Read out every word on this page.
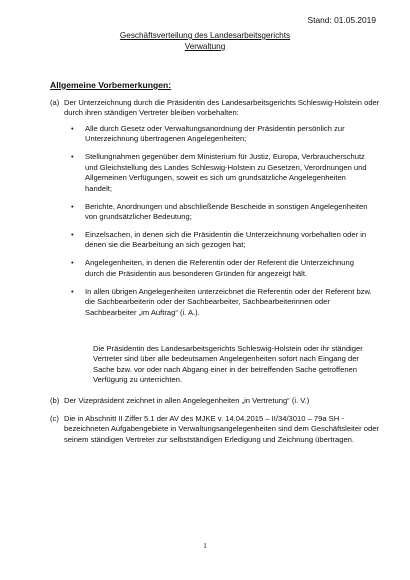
Stand: 01.05.2019
Geschäftsverteilung des Landesarbeitsgerichts
Verwaltung
Allgemeine Vorbemerkungen:
(a) Der Unterzeichnung durch die Präsidentin des Landesarbeitsgerichts Schleswig-Holstein oder durch ihren ständigen Vertreter bleiben vorbehalten:
• Alle durch Gesetz oder Verwaltungsanordnung der Präsidentin persönlich zur Unterzeichnung übertragenen Angelegenheiten;
• Stellungnahmen gegenüber dem Ministerium für Justiz, Europa, Verbraucherschutz und Gleichstellung des Landes Schleswig-Holstein zu Gesetzen, Verordnungen und Allgemeinen Verfügungen, soweit es sich um grundsätzliche Angelegenheiten handelt;
• Berichte, Anordnungen und abschließende Bescheide in sonstigen Angelegenheiten von grundsätzlicher Bedeutung;
• Einzelsachen, in denen sich die Präsidentin die Unterzeichnung vorbehalten oder in denen sie die Bearbeitung an sich gezogen hat;
• Angelegenheiten, in denen die Referentin oder der Referent die Unterzeichnung durch die Präsidentin aus besonderen Gründen für angezeigt hält.
• In allen übrigen Angelegenheiten unterzeichnet die Referentin oder der Referent bzw. die Sachbearbeiterin oder der Sachbearbeiter, Sachbearbeiterinnen oder Sachbearbeiter „im Auftrag“ (i. A.).
Die Präsidentin des Landesarbeitsgerichts Schleswig-Holstein oder ihr ständiger Vertreter sind über alle bedeutsamen Angelegenheiten sofort nach Eingang der Sache bzw. vor oder nach Abgang einer in der betreffenden Sache getroffenen Verfügung zu unterrichten.
(b) Der Vizepräsident zeichnet in allen Angelegenheiten „in Vertretung“ (i. V.)
(c) Die in Abschnitt II Ziffer 5.1 der AV des MJKE v. 14.04.2015 – II/34/3010 – 79a SH - bezeichneten Aufgabengebiete in Verwaltungsangelegenheiten sind dem Geschäftsleiter oder seinem ständigen Vertreter zur selbstständigen Erledigung und Zeichnung übertragen.
1
